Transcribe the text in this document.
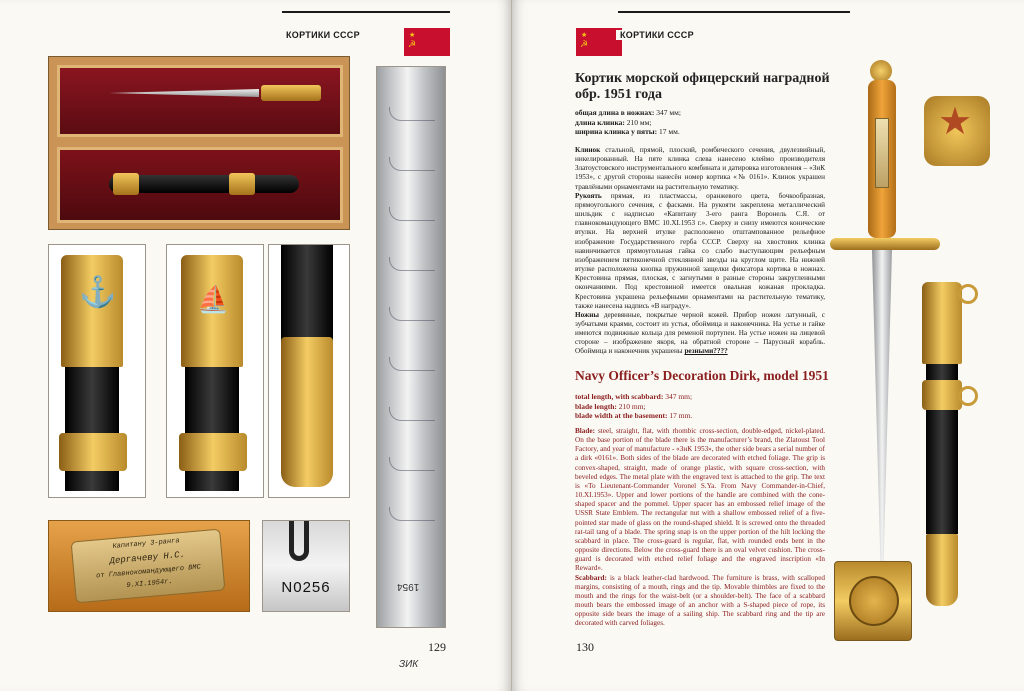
КОРТИКИ СССР	★
☭
⚓	⛵
Капитану 3-ранга
Дергачеву Н.С.
от Главнокомандующего ВМС
9.XI.1954г.	N0256	1954
ЗИК
129
★
☭
КОРТИКИ СССР
Кортик морской офицерский наградной обр. 1951 года
общая длина в ножнах: 347 мм;
длина клинка: 210 мм;
ширина клинка у пяты: 17 мм.
Клинок стальной, прямой, плоский, ромбического сечения, двулезвийный, никелированный. На пяте клинка слева нанесено клеймо производителя Златоустовского инструментального комбината и датировка изготовления – «ЗиК 1953», с другой стороны нанесён номер кортика «№ 0161». Клинок украшен травлёными орнаментами на растительную тематику.
Рукоять прямая, из пластмассы, оранжевого цвета, бочкообразная, прямоугольного сечения, с фасками. На рукояти закреплена металлический шильдик с надписью «Капитану 3-его ранга Воронель С.Я. от главнокомандующего ВМС 10.XI.1953 г.». Сверху и снизу имеются конические втулки. На верхней втулке расположено отштампованное рельефное изображение Государственного герба СССР. Сверху на хвостовик клинка навинчивается прямоугольная гайка со слабо выступающим рельефным изображением пятиконечной стеклянной звезды на круглом щите. На нижней втулке расположена кнопка пружинной защелки фиксатора кортика в ножнах. Крестовина прямая, плоская, с загнутыми в разные стороны закругленными окончаниями. Под крестовиной имеется овальная кожаная прокладка. Крестовина украшена рельефными орнаментами на растительную тематику, также нанесена надпись «В награду».
Ножны деревянные, покрытые черной кожей. Прибор ножен латунный, с зубчатыми краями, состоит из устья, обоймица и наконечника. На устье и гайке имеются подвижные кольца для ременой портупеи. На устье ножен на лицевой стороне – изображение якоря, на обратной стороне – Парусный корабль. Обоймица и наконечник украшены резными????
Navy Officer’s Decoration Dirk, model 1951
total length, with scabbard: 347 mm;
blade length: 210 mm;
blade width at the basement: 17 mm.
Blade: steel, straight, flat, with rhombic cross-section, double-edged, nickel-plated. On the base portion of the blade there is the manufacturer’s brand, the Zlatoust Tool Factory, and year of manufacture - «ЗиК 1953», the other side bears a serial number of a dirk «0161». Both sides of the blade are decorated with etched foliage. The grip is convex-shaped, straight, made of orange plastic, with square cross-section, with beveled edges. The metal plate with the engraved text is attached to the grip. The text is «To Lieutenant-Commander Voronel S.Ya. From Navy Commander-in-Chief, 10.XI.1953». Upper and lower portions of the handle are combined with the cone-shaped spacer and the pommel. Upper spacer has an embossed relief image of the USSR State Emblem. The rectangular nut with a shallow embossed relief of a five-pointed star made of glass on the round-shaped shield. It is screwed onto the threaded rat-tail tang of a blade. The spring snap is on the upper portion of the hilt locking the scabbard in place. The cross-guard is regular, flat, with rounded ends bent in the opposite directions. Below the cross-guard there is an oval velvet cushion. The cross-guard is decorated with etched relief foliage and the engraved inscription «In Reward».
Scabbard: is a black leather-clad hardwood. The furniture is brass, with scalloped margins, consisting of a mouth, rings and the tip. Movable thimbles are fixed to the mouth and the rings for the waist-belt (or a shoulder-belt). The face of a scabbard mouth bears the embossed image of an anchor with a S-shaped piece of rope, its opposite side bears the image of a sailing ship. The scabbard ring and the tip are decorated with carved foliages.
★
130
